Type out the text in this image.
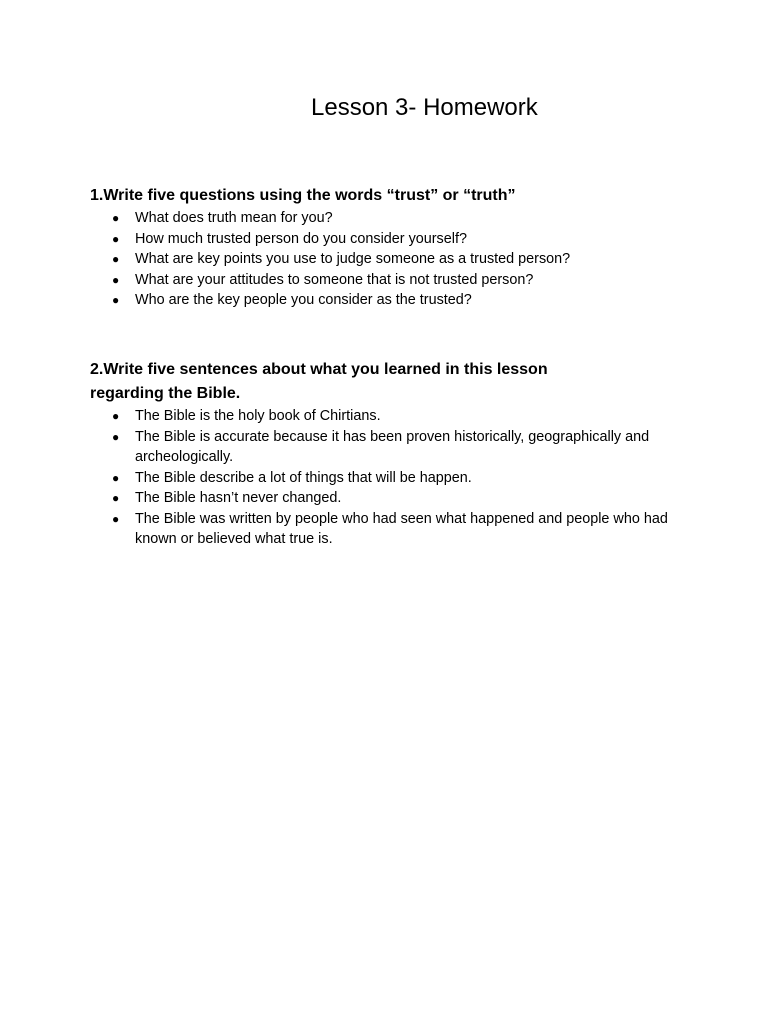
Lesson 3- Homework

1.Write five questions using the words “trust” or “truth”

● What does truth mean for you?
● How much trusted person do you consider yourself?
● What are key points you use to judge someone as a trusted person?
● What are your attitudes to someone that is not trusted person?
● Who are the key people you consider as the trusted?

2.Write five sentences about what you learned in this lesson regarding the Bible.

● The Bible is the holy book of Chirtians.
● The Bible is accurate because it has been proven historically, geographically and archeologically.
● The Bible describe a lot of things that will be happen.
● The Bible hasn’t never changed.
● The Bible was written by people who had seen what happened and people who had known or believed what true is.
